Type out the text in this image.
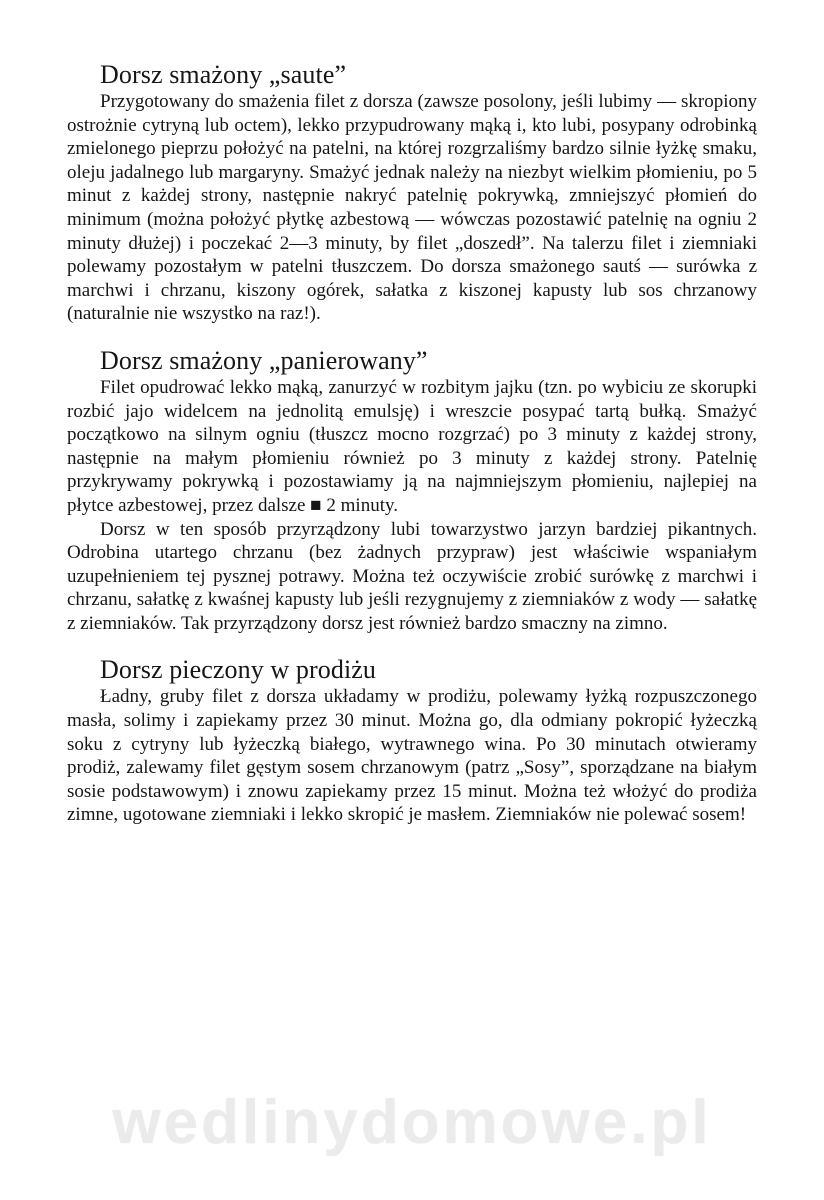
Dorsz smażony „saute”

Przygotowany do smażenia filet z dorsza (zawsze posolony, jeśli lubimy — skropiony ostrożnie cytryną lub octem), lekko przypudrowany mąką i, kto lubi, posypany odrobinką zmielonego pieprzu położyć na patelni, na której rozgrzaliśmy bardzo silnie łyżkę smaku, oleju jadalnego lub margaryny. Smażyć jednak należy na niezbyt wielkim płomieniu, po 5 minut z każdej strony, następnie nakryć patelnię pokrywką, zmniejszyć płomień do minimum (można położyć płytkę azbestową — wówczas pozostawić patelnię na ogniu 2 minuty dłużej) i poczekać 2—3 minuty, by filet „doszedł”. Na talerzu filet i ziemniaki polewamy pozostałym w patelni tłuszczem. Do dorsza smażonego sautś — surówka z marchwi i chrzanu, kiszony ogórek, sałatka z kiszonej kapusty lub sos chrzanowy (naturalnie nie wszystko na raz!).

Dorsz smażony „panierowany”

Filet opudrować lekko mąką, zanurzyć w rozbitym jajku (tzn. po wybiciu ze skorupki rozbić jajo widelcem na jednolitą emulsję) i wreszcie posypać tartą bułką. Smażyć początkowo na silnym ogniu (tłuszcz mocno rozgrzać) po 3 minuty z każdej strony, następnie na małym płomieniu również po 3 minuty z każdej strony. Patelnię przykrywamy pokrywką i pozostawiamy ją na najmniejszym płomieniu, najlepiej na płytce azbestowej, przez dalsze ■ 2 minuty.

Dorsz w ten sposób przyrządzony lubi towarzystwo jarzyn bardziej pikantnych. Odrobina utartego chrzanu (bez żadnych przypraw) jest właściwie wspaniałym uzupełnieniem tej pysznej potrawy. Można też oczywiście zrobić surówkę z marchwi i chrzanu, sałatkę z kwaśnej kapusty lub jeśli rezygnujemy z ziemniaków z wody — sałatkę z ziemniaków. Tak przyrządzony dorsz jest również bardzo smaczny na zimno.

Dorsz pieczony w prodiżu

Ładny, gruby filet z dorsza układamy w prodiżu, polewamy łyżką rozpuszczonego masła, solimy i zapiekamy przez 30 minut. Można go, dla odmiany pokropić łyżeczką soku z cytryny lub łyżeczką białego, wytrawnego wina. Po 30 minutach otwieramy prodiż, zalewamy filet gęstym sosem chrzanowym (patrz „Sosy”, sporządzane na białym sosie podstawowym) i znowu zapiekamy przez 15 minut. Można też włożyć do prodiża zimne, ugotowane ziemniaki i lekko skropić je masłem. Ziemniaków nie polewać sosem!

wedlinydomowe.pl
